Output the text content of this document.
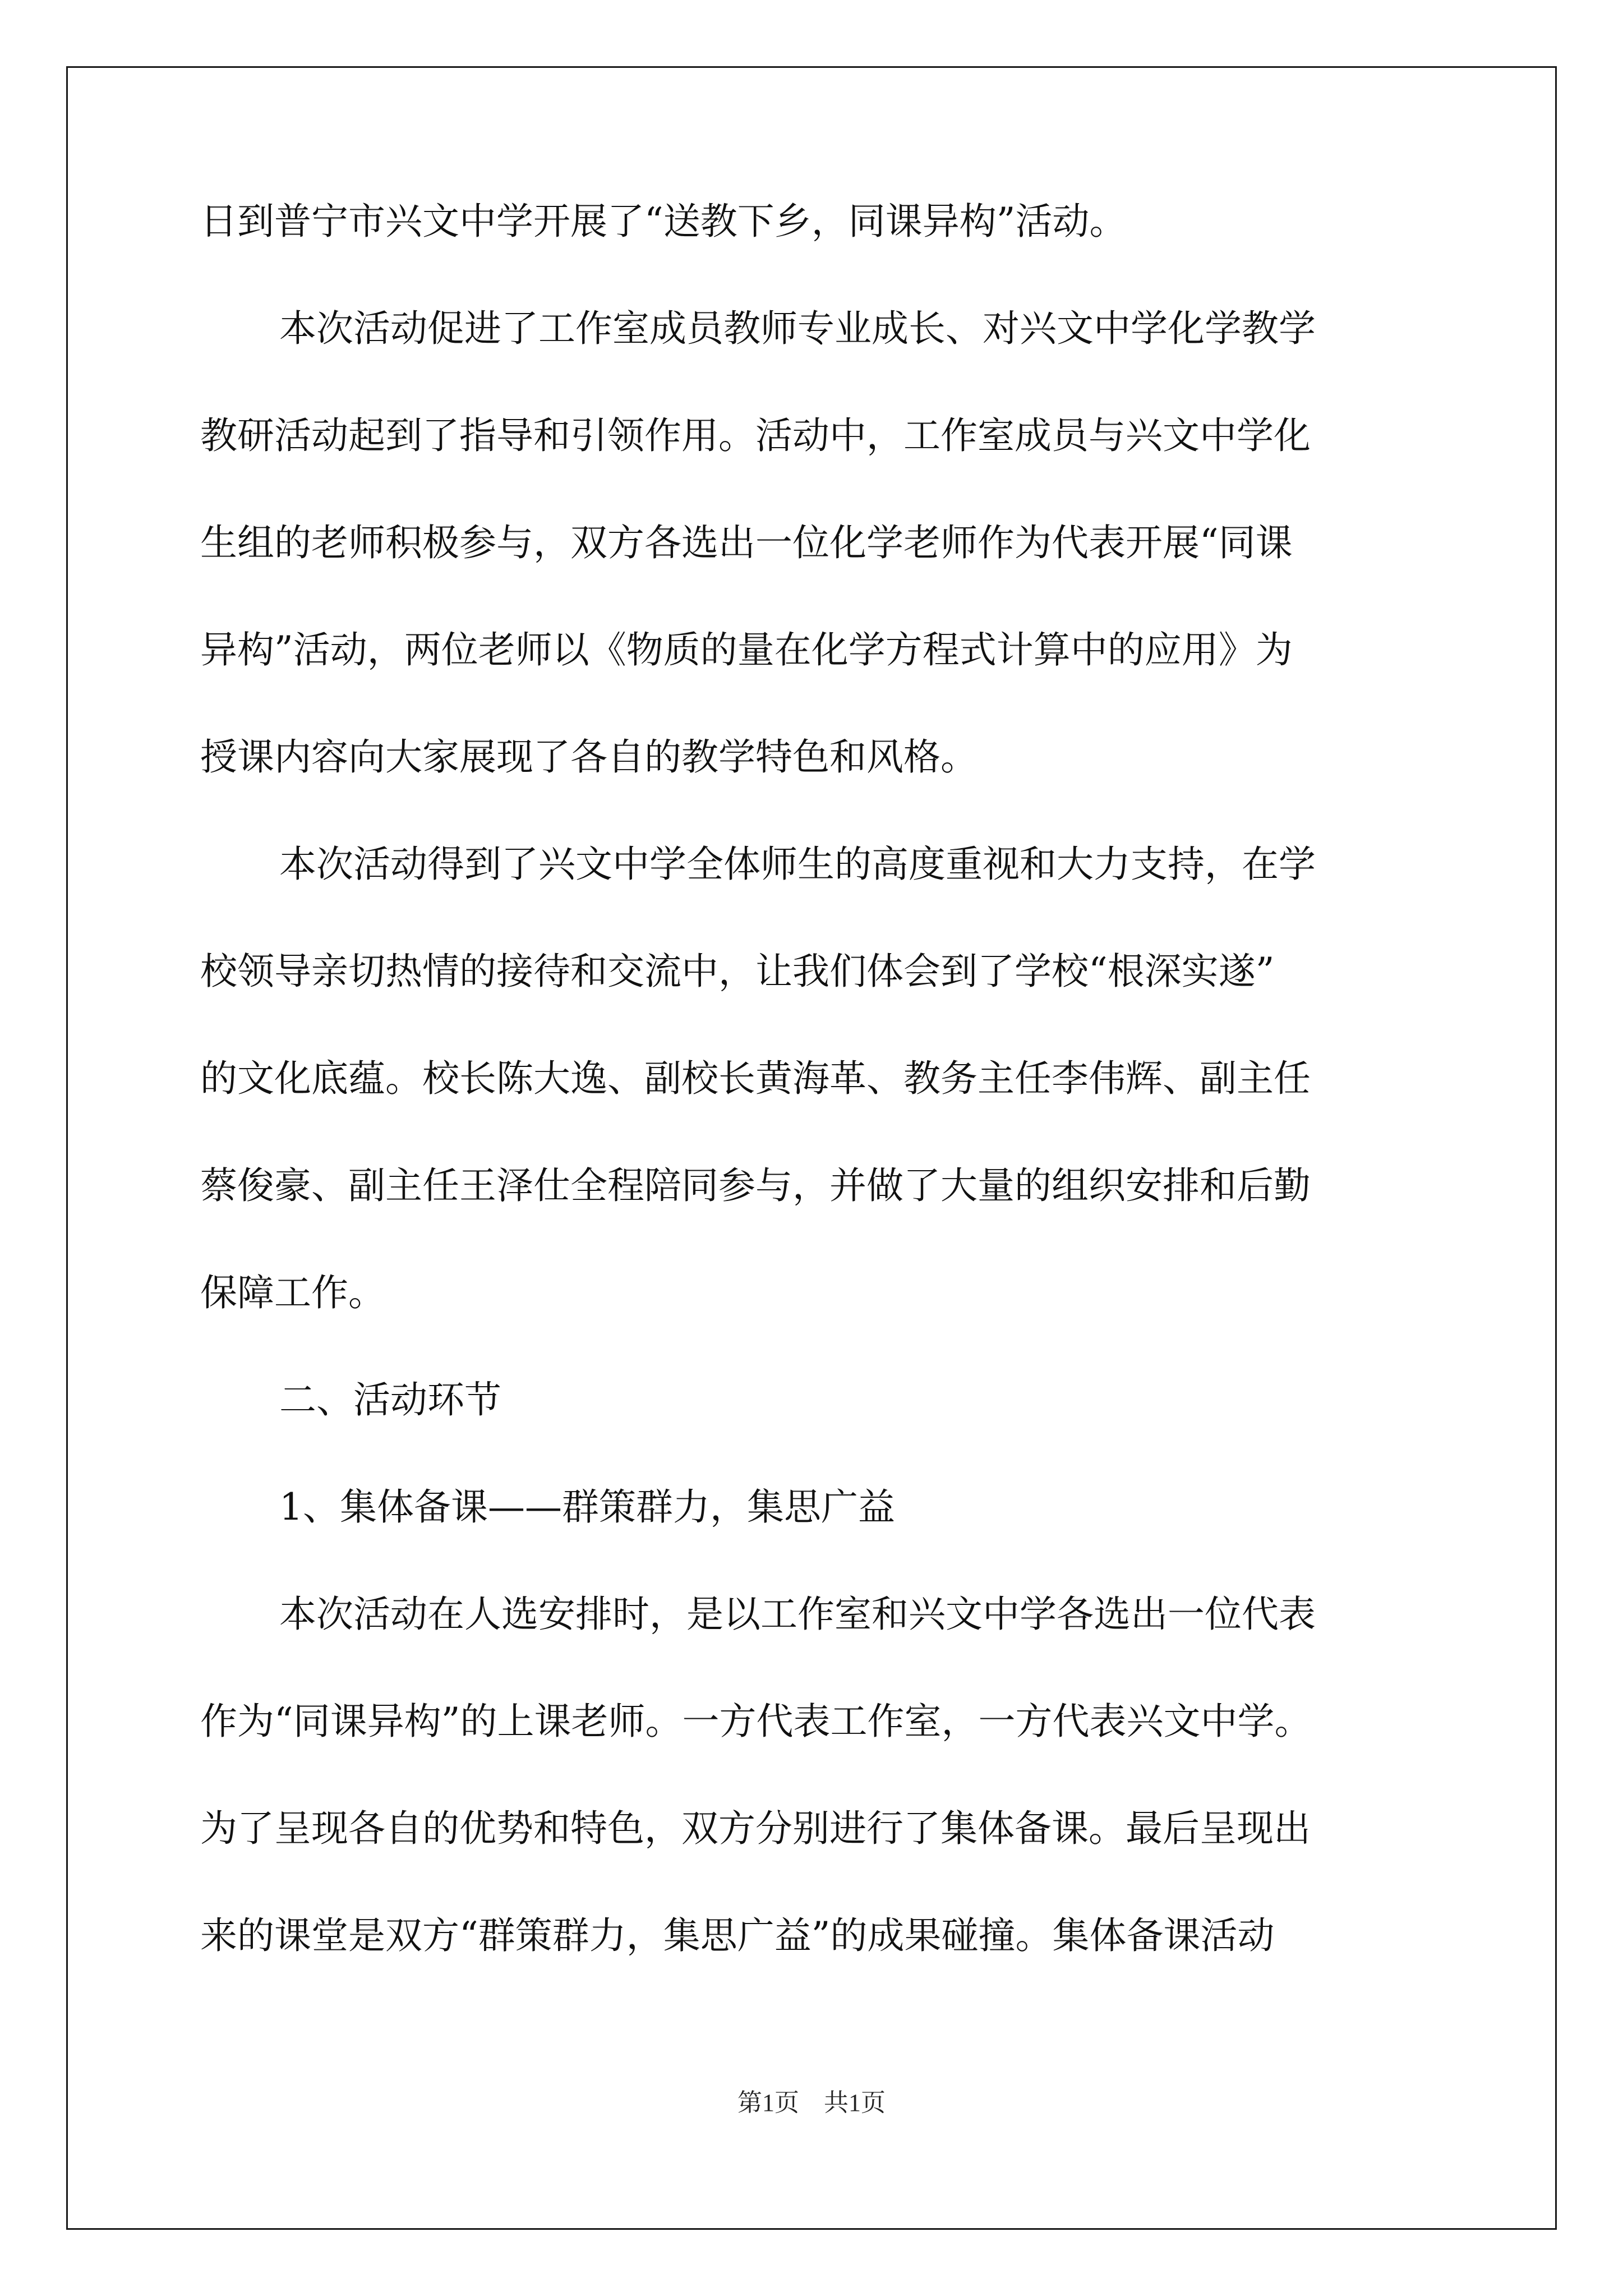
日到普宁市兴文中学开展了“送教下乡，同课异构”活动。
本次活动促进了工作室成员教师专业成长、对兴文中学化学教学
教研活动起到了指导和引领作用。活动中，工作室成员与兴文中学化
生组的老师积极参与，双方各选出一位化学老师作为代表开展“同课
异构”活动，两位老师以《物质的量在化学方程式计算中的应用》为
授课内容向大家展现了各自的教学特色和风格。
本次活动得到了兴文中学全体师生的高度重视和大力支持，在学
校领导亲切热情的接待和交流中，让我们体会到了学校“根深实遂”
的文化底蕴。校长陈大逸、副校长黄海革、教务主任李伟辉、副主任
蔡俊豪、副主任王泽仕全程陪同参与，并做了大量的组织安排和后勤
保障工作。
二、活动环节
1、集体备课——群策群力，集思广益
本次活动在人选安排时，是以工作室和兴文中学各选出一位代表
作为“同课异构”的上课老师。一方代表工作室，一方代表兴文中学。
为了呈现各自的优势和特色，双方分别进行了集体备课。最后呈现出
来的课堂是双方“群策群力，集思广益”的成果碰撞。集体备课活动
第1页　共1页
